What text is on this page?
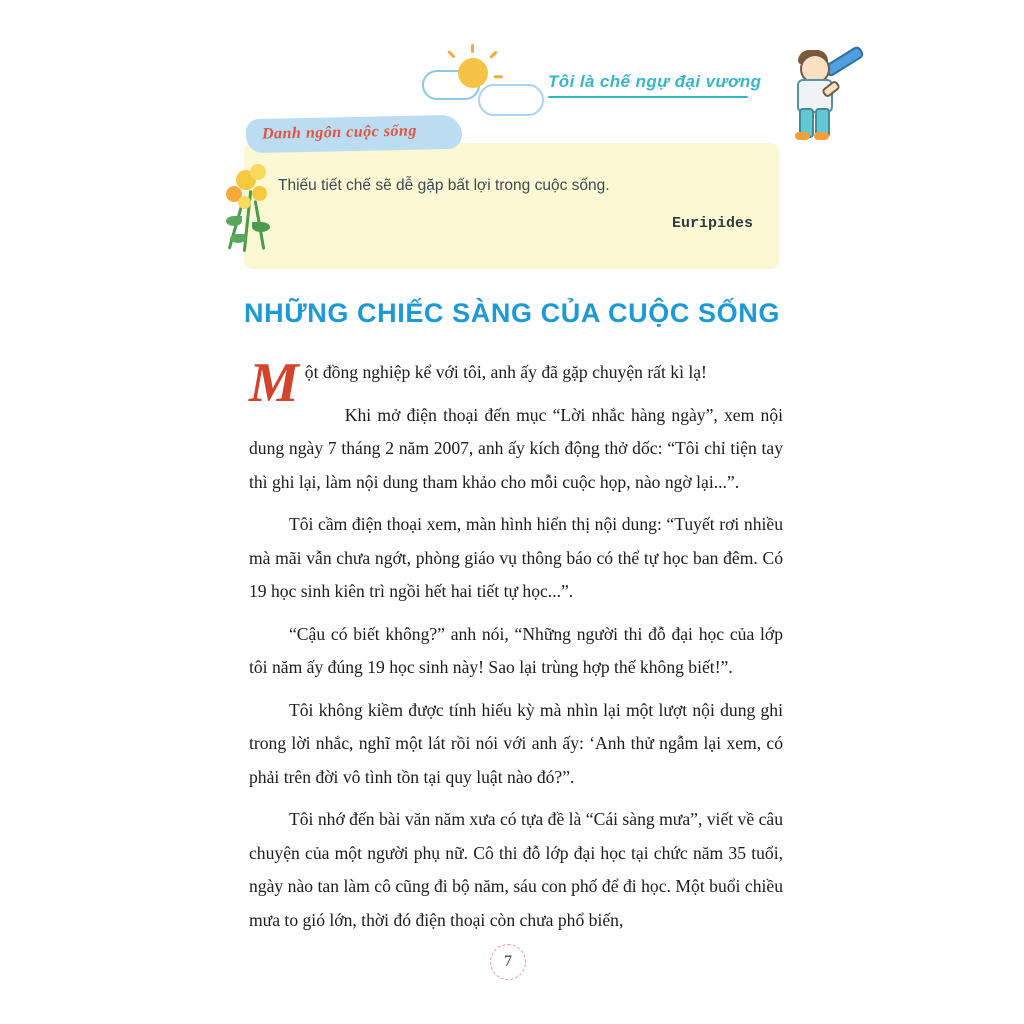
Tôi là chế ngự đại vương
Danh ngôn cuộc sống
Thiếu tiết chế sẽ dễ gặp bất lợi trong cuộc sống.
Euripides
NHỮNG CHIẾC SÀNG CỦA CUỘC SỐNG

M ột đồng nghiệp kể với tôi, anh ấy đã gặp chuyện rất kì lạ!

Khi mở điện thoại đến mục “Lời nhắc hàng ngày”, xem nội dung ngày 7 tháng 2 năm 2007, anh ấy kích động thở dốc: “Tôi chỉ tiện tay thì ghi lại, làm nội dung tham khảo cho mỗi cuộc họp, nào ngờ lại...”.

Tôi cầm điện thoại xem, màn hình hiển thị nội dung: “Tuyết rơi nhiều mà mãi vẫn chưa ngớt, phòng giáo vụ thông báo có thể tự học ban đêm. Có 19 học sinh kiên trì ngồi hết hai tiết tự học...”.

“Cậu có biết không?” anh nói, “Những người thi đỗ đại học của lớp tôi năm ấy đúng 19 học sinh này! Sao lại trùng hợp thế không biết!”.

Tôi không kiềm được tính hiếu kỳ mà nhìn lại một lượt nội dung ghi trong lời nhắc, nghĩ một lát rồi nói với anh ấy: ‘Anh thử ngẫm lại xem, có phải trên đời vô tình tồn tại quy luật nào đó?”.

Tôi nhớ đến bài văn năm xưa có tựa đề là “Cái sàng mưa”, viết về câu chuyện của một người phụ nữ. Cô thi đỗ lớp đại học tại chức năm 35 tuổi, ngày nào tan làm cô cũng đi bộ năm, sáu con phố để đi học. Một buổi chiều mưa to gió lớn, thời đó điện thoại còn chưa phổ biến,

7
